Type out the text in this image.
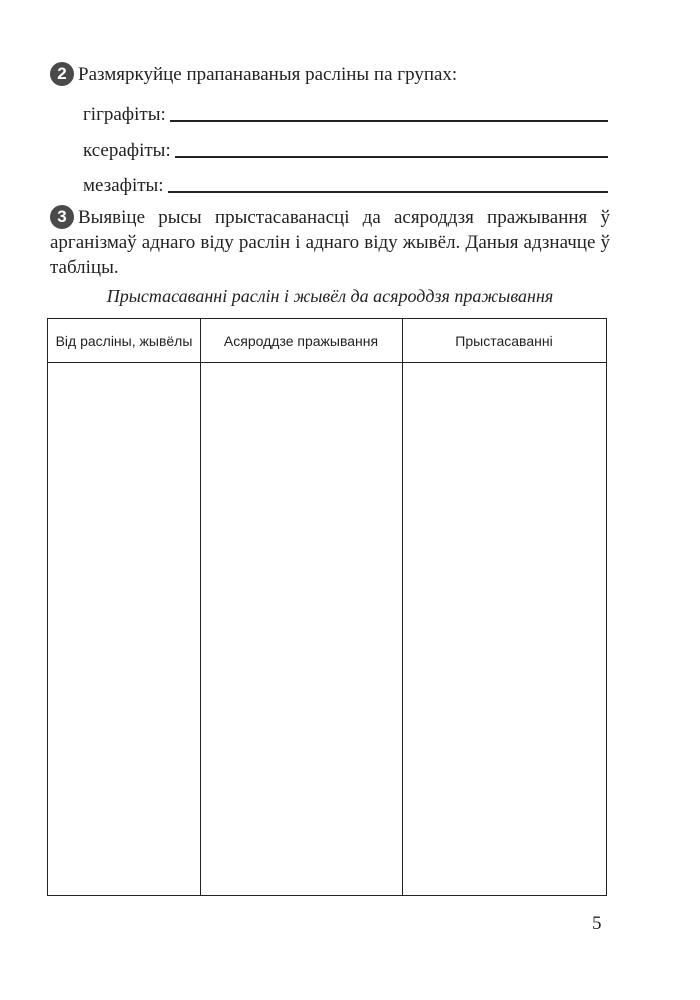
2 Размяркуйце прапанаваныя расліны па групах:
гіграфіты:
ксерафіты:
мезафіты:
3 Выявіце рысы прыстасаванасці да асяроддзя пражывання ў арганізмаў аднаго віду раслін і аднаго віду жывёл. Даныя адзначце ў табліцы.
Прыстасаванні раслін і жывёл да асяроддзя пражывання
Від расліны, жывёлы	Асяроддзе пражывання	Прыстасаванні
5
